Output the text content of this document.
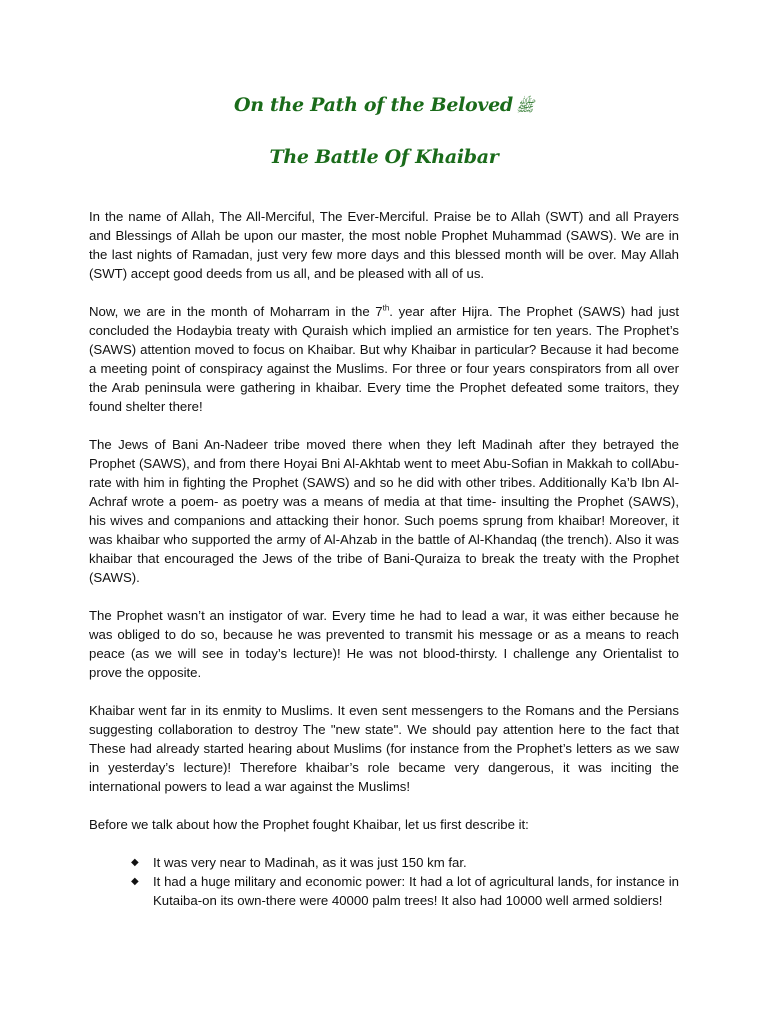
On the Path of the Beloved ﷺ
The Battle Of Khaibar

In the name of Allah, The All-Merciful, The Ever-Merciful. Praise be to Allah (SWT) and all Prayers and Blessings of Allah be upon our master, the most noble Prophet Muhammad (SAWS). We are in the last nights of Ramadan, just very few more days and this blessed month will be over. May Allah (SWT) accept good deeds from us all, and be pleased with all of us.

Now, we are in the month of Moharram in the 7th. year after Hijra. The Prophet (SAWS) had just concluded the Hodaybia treaty with Quraish which implied an armistice for ten years. The Prophet’s (SAWS) attention moved to focus on Khaibar. But why Khaibar in particular? Because it had become a meeting point of conspiracy against the Muslims. For three or four years conspirators from all over the Arab peninsula were gathering in khaibar. Every time the Prophet defeated some traitors, they found shelter there!

The Jews of Bani An-Nadeer tribe moved there when they left Madinah after they betrayed the Prophet (SAWS), and from there Hoyai Bni Al-Akhtab went to meet Abu-Sofian in Makkah to collAbu-rate with him in fighting the Prophet (SAWS) and so he did with other tribes. Additionally Ka’b Ibn Al-Achraf wrote a poem- as poetry was a means of media at that time- insulting the Prophet (SAWS), his wives and companions and attacking their honor. Such poems sprung from khaibar! Moreover, it was khaibar who supported the army of Al-Ahzab in the battle of Al-Khandaq (the trench). Also it was khaibar that encouraged the Jews of the tribe of Bani-Quraiza to break the treaty with the Prophet (SAWS).

The Prophet wasn’t an instigator of war. Every time he had to lead a war, it was either because he was obliged to do so, because he was prevented to transmit his message or as a means to reach peace (as we will see in today’s lecture)! He was not blood-thirsty. I challenge any Orientalist to prove the opposite.

Khaibar went far in its enmity to Muslims. It even sent messengers to the Romans and the Persians suggesting collaboration to destroy The "new state". We should pay attention here to the fact that These had already started hearing about Muslims (for instance from the Prophet’s letters as we saw in yesterday’s lecture)! Therefore khaibar’s role became very dangerous, it was inciting the international powers to lead a war against the Muslims!

Before we talk about how the Prophet fought Khaibar, let us first describe it:

◆ It was very near to Madinah, as it was just 150 km far.
◆ It had a huge military and economic power: It had a lot of agricultural lands, for instance in Kutaiba-on its own-there were 40000 palm trees! It also had 10000 well armed soldiers!
